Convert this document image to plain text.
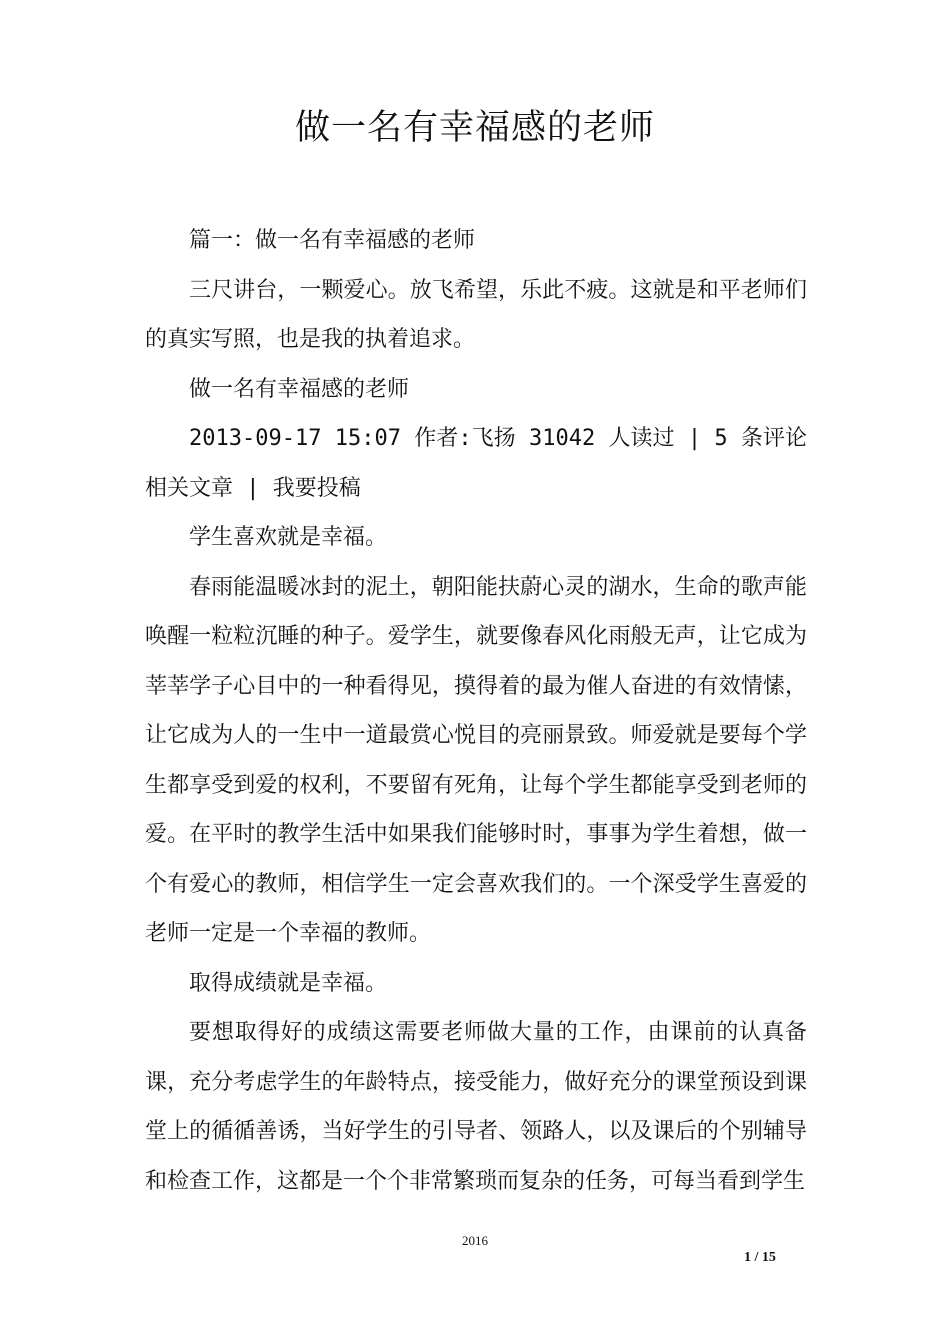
做一名有幸福感的老师

篇一：做一名有幸福感的老师

三尺讲台，一颗爱心。放飞希望，乐此不疲。这就是和平老师们的真实写照，也是我的执着追求。

做一名有幸福感的老师

2013-09-17 15:07 作者:飞扬 31042 人读过 | 5 条评论 相关文章 | 我要投稿

学生喜欢就是幸福。

春雨能温暖冰封的泥土，朝阳能扶蔚心灵的湖水，生命的歌声能唤醒一粒粒沉睡的种子。爱学生，就要像春风化雨般无声，让它成为莘莘学子心目中的一种看得见，摸得着的最为催人奋进的有效情愫，让它成为人的一生中一道最赏心悦目的亮丽景致。师爱就是要每个学生都享受到爱的权利，不要留有死角，让每个学生都能享受到老师的爱。在平时的教学生活中如果我们能够时时，事事为学生着想，做一个有爱心的教师，相信学生一定会喜欢我们的。一个深受学生喜爱的老师一定是一个幸福的教师。

取得成绩就是幸福。

要想取得好的成绩这需要老师做大量的工作，由课前的认真备课，充分考虑学生的年龄特点，接受能力，做好充分的课堂预设到课堂上的循循善诱，当好学生的引导者、领路人，以及课后的个别辅导和检查工作，这都是一个个非常繁琐而复杂的任务，可每当看到学生

2016
1 / 15
